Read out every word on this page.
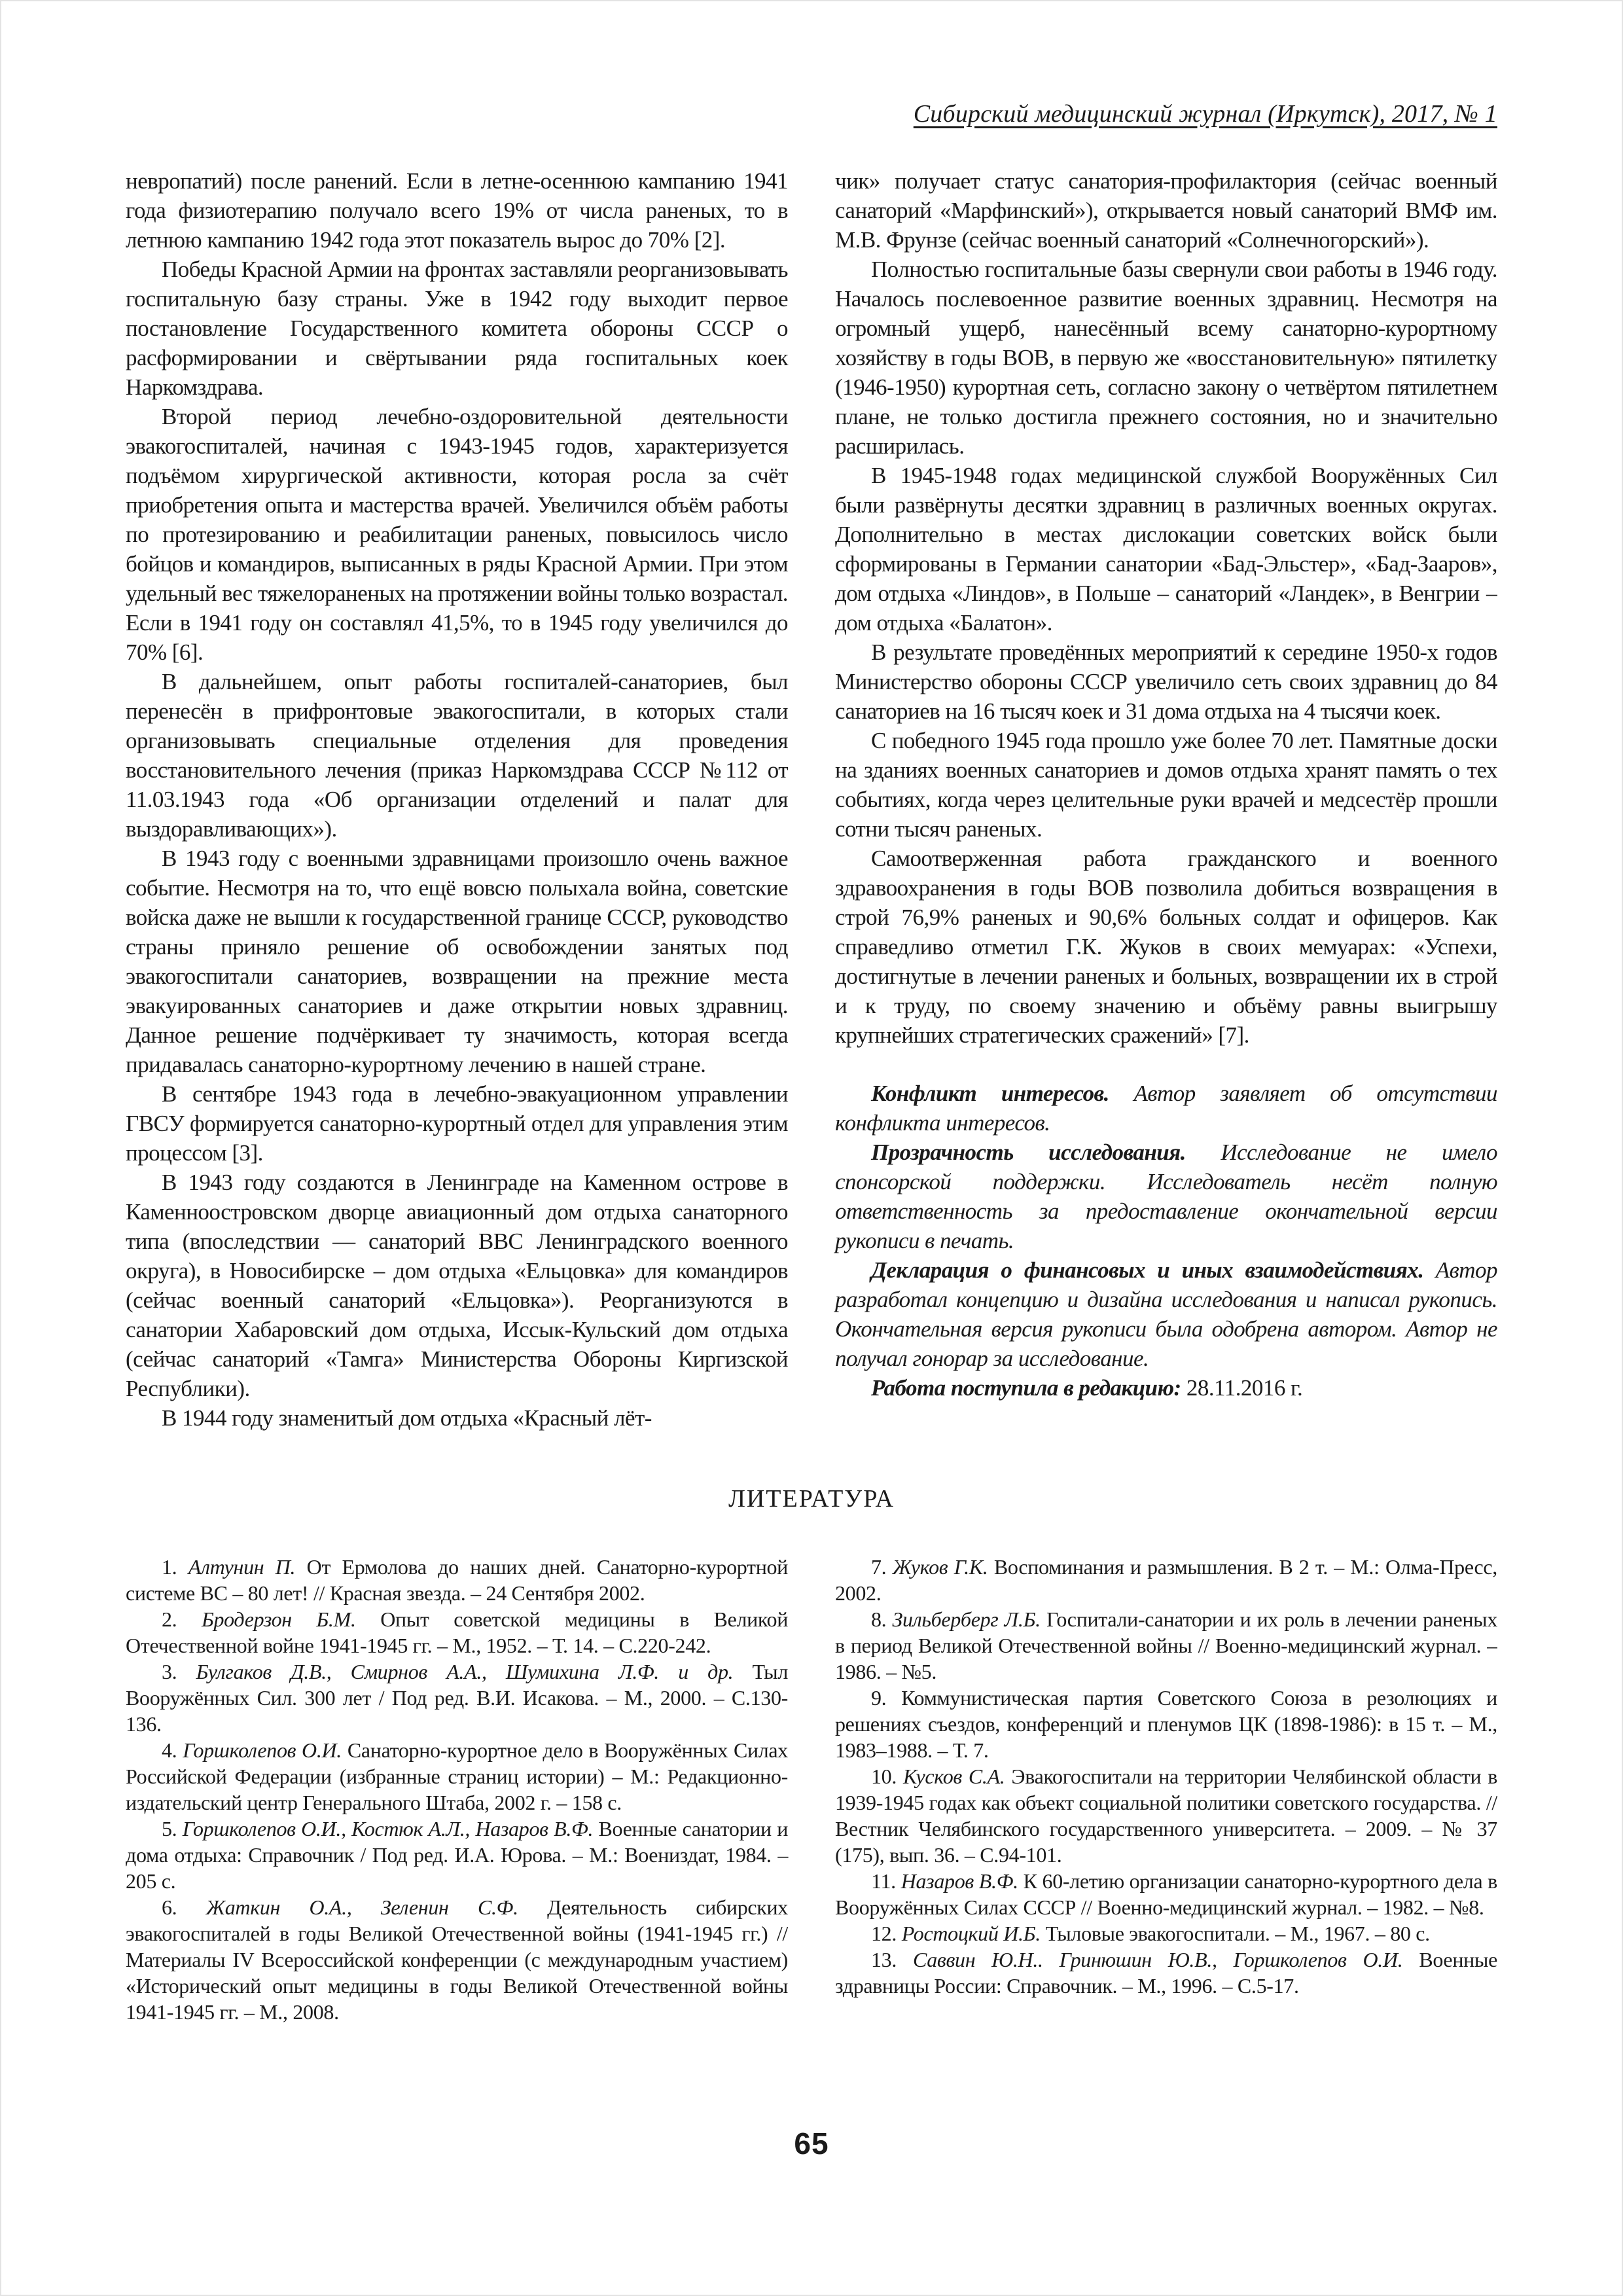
Сибирский медицинский журнал (Иркутск), 2017, № 1

невропатий) после ранений. Если в летне-осеннюю кампанию 1941 года физиотерапию получало всего 19% от числа раненых, то в летнюю кампанию 1942 года этот показатель вырос до 70% [2].

Победы Красной Армии на фронтах заставляли реорганизовывать госпитальную базу страны. Уже в 1942 году выходит первое постановление Государственного комитета обороны СССР о расформировании и свёртывании ряда госпитальных коек Наркомздрава.

Второй период лечебно-оздоровительной деятельности эвакогоспиталей, начиная с 1943-1945 годов, характеризуется подъёмом хирургической активности, которая росла за счёт приобретения опыта и мастерства врачей. Увеличился объём работы по протезированию и реабилитации раненых, повысилось число бойцов и командиров, выписанных в ряды Красной Армии. При этом удельный вес тяжелораненых на протяжении войны только возрастал. Если в 1941 году он составлял 41,5%, то в 1945 году увеличился до 70% [6].

В дальнейшем, опыт работы госпиталей-санаториев, был перенесён в прифронтовые эвакогоспитали, в которых стали организовывать специальные отделения для проведения восстановительного лечения (приказ Наркомздрава СССР №112 от 11.03.1943 года «Об организации отделений и палат для выздоравливающих»).

В 1943 году с военными здравницами произошло очень важное событие. Несмотря на то, что ещё вовсю полыхала война, советские войска даже не вышли к государственной границе СССР, руководство страны приняло решение об освобождении занятых под эвакогоспитали санаториев, возвращении на прежние места эвакуированных санаториев и даже открытии новых здравниц. Данное решение подчёркивает ту значимость, которая всегда придавалась санаторно-курортному лечению в нашей стране.

В сентябре 1943 года в лечебно-эвакуационном управлении ГВСУ формируется санаторно-курортный отдел для управления этим процессом [3].

В 1943 году создаются в Ленинграде на Каменном острове в Каменноостровском дворце авиационный дом отдыха санаторного типа (впоследствии — санаторий ВВС Ленинградского военного округа), в Новосибирске – дом отдыха «Ельцовка» для командиров (сейчас военный санаторий «Ельцовка»). Реорганизуются в санатории Хабаровский дом отдыха, Иссык-Кульский дом отдыха (сейчас санаторий «Тамга» Министерства Обороны Киргизской Республики).

В 1944 году знаменитый дом отдыха «Красный лёт-

чик» получает статус санатория-профилактория (сейчас военный санаторий «Марфинский»), открывается новый санаторий ВМФ им. М.В. Фрунзе (сейчас военный санаторий «Солнечногорский»).

Полностью госпитальные базы свернули свои работы в 1946 году. Началось послевоенное развитие военных здравниц. Несмотря на огромный ущерб, нанесённый всему санаторно-курортному хозяйству в годы ВОВ, в первую же «восстановительную» пятилетку (1946-1950) курортная сеть, согласно закону о четвёртом пятилетнем плане, не только достигла прежнего состояния, но и значительно расширилась.

В 1945-1948 годах медицинской службой Вооружённых Сил были развёрнуты десятки здравниц в различных военных округах. Дополнительно в местах дислокации советских войск были сформированы в Германии санатории «Бад-Эльстер», «Бад-Зааров», дом отдыха «Линдов», в Польше – санаторий «Ландек», в Венгрии – дом отдыха «Балатон».

В результате проведённых мероприятий к середине 1950-х годов Министерство обороны СССР увеличило сеть своих здравниц до 84 санаториев на 16 тысяч коек и 31 дома отдыха на 4 тысячи коек.

С победного 1945 года прошло уже более 70 лет. Памятные доски на зданиях военных санаториев и домов отдыха хранят память о тех событиях, когда через целительные руки врачей и медсестёр прошли сотни тысяч раненых.

Самоотверженная работа гражданского и военного здравоохранения в годы ВОВ позволила добиться возвращения в строй 76,9% раненых и 90,6% больных солдат и офицеров. Как справедливо отметил Г.К. Жуков в своих мемуарах: «Успехи, достигнутые в лечении раненых и больных, возвращении их в строй и к труду, по своему значению и объёму равны выигрышу крупнейших стратегических сражений» [7].

Конфликт интересов. Автор заявляет об отсутствии конфликта интересов.

Прозрачность исследования. Исследование не имело спонсорской поддержки. Исследователь несёт полную ответственность за предоставление окончательной версии рукописи в печать.

Декларация о финансовых и иных взаимодействиях. Автор разработал концепцию и дизайна исследования и написал рукопись. Окончательная версия рукописи была одобрена автором. Автор не получал гонорар за исследование.

Работа поступила в редакцию: 28.11.2016 г.

ЛИТЕРАТУРА

1. Алтунин П. От Ермолова до наших дней. Санаторно-курортной системе ВС – 80 лет! // Красная звезда. – 24 Сентября 2002.

2. Бродерзон Б.М. Опыт советской медицины в Великой Отечественной войне 1941-1945 гг. – М., 1952. – Т. 14. – С.220-242.

3. Булгаков Д.В., Смирнов А.А., Шумихина Л.Ф. и др. Тыл Вооружённых Сил. 300 лет / Под ред. В.И. Исакова. – М., 2000. – С.130-136.

4. Горшколепов О.И. Санаторно-курортное дело в Вооружённых Силах Российской Федерации (избранные страниц истории) – М.: Редакционно-издательский центр Генерального Штаба, 2002 г. – 158 с.

5. Горшколепов О.И., Костюк А.Л., Назаров В.Ф. Военные санатории и дома отдыха: Справочник / Под ред. И.А. Юрова. – М.: Воениздат, 1984. – 205 с.

6. Жаткин О.А., Зеленин С.Ф. Деятельность сибирских эвакогоспиталей в годы Великой Отечественной войны (1941-1945 гг.) // Материалы IV Всероссийской конференции (с международным участием) «Исторический опыт медицины в годы Великой Отечественной войны 1941-1945 гг. – М., 2008.

7. Жуков Г.К. Воспоминания и размышления. В 2 т. – М.: Олма-Пресс, 2002.

8. Зильберберг Л.Б. Госпитали-санатории и их роль в лечении раненых в период Великой Отечественной войны // Военно-медицинский журнал. – 1986. – №5.

9. Коммунистическая партия Советского Союза в резолюциях и решениях съездов, конференций и пленумов ЦК (1898-1986): в 15 т. – М., 1983–1988. – Т. 7.

10. Кусков С.А. Эвакогоспитали на территории Челябинской области в 1939-1945 годах как объект социальной политики советского государства. // Вестник Челябинского государственного университета. – 2009. – № 37 (175), вып. 36. – С.94-101.

11. Назаров В.Ф. К 60-летию организации санаторно-курортного дела в Вооружённых Силах СССР // Военно-медицинский журнал. – 1982. – №8.

12. Ростоцкий И.Б. Тыловые эвакогоспитали. – М., 1967. – 80 с.

13. Саввин Ю.Н.. Гринюшин Ю.В., Горшколепов О.И. Военные здравницы России: Справочник. – М., 1996. – С.5-17.

65
